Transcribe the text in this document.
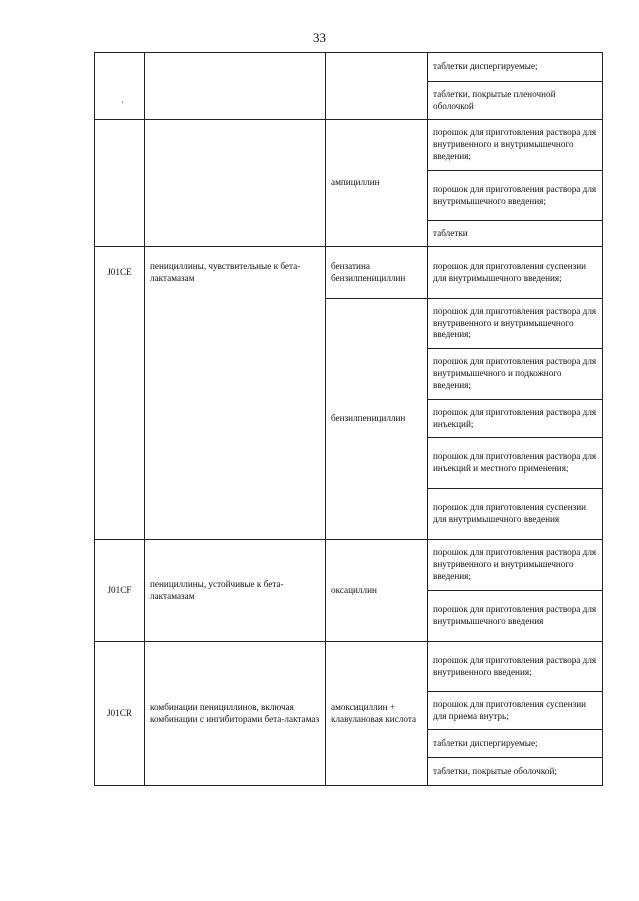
33
·
			таблетки диспергируемые;
			таблетки, покрытые пленочной оболочкой
		ампициллин	порошок для приготовления раствора для внутривенного и внутримышечного введения;
			порошок для приготовления раствора для внутримышечного введения;
			таблетки
J01CE	пенициллины, чувствительные к бета-лактамазам	бензатина бензилпенициллин	порошок для приготовления суспензии для внутримышечного введения;
		бензилпенициллин	порошок для приготовления раствора для внутривенного и внутримышечного введения;
			порошок для приготовления раствора для внутримышечного и подкожного введения;
			порошок для приготовления раствора для инъекций;
			порошок для приготовления раствора для инъекций и местного применения;
			порошок для приготовления суспензии для внутримышечного введения
J01CF	пенициллины, устойчивые к бета-лактамазам	оксациллин	порошок для приготовления раствора для внутривенного и внутримышечного введения;
			порошок для приготовления раствора для внутримышечного введения
J01CR	комбинации пенициллинов, включая комбинации с ингибиторами бета-лактамаз	амоксициллин + клавулановая кислота	порошок для приготовления раствора для внутривенного введения;
			порошок для приготовления суспензии для приема внутрь;
			таблетки диспергируемые;
			таблетки, покрытые оболочкой;
